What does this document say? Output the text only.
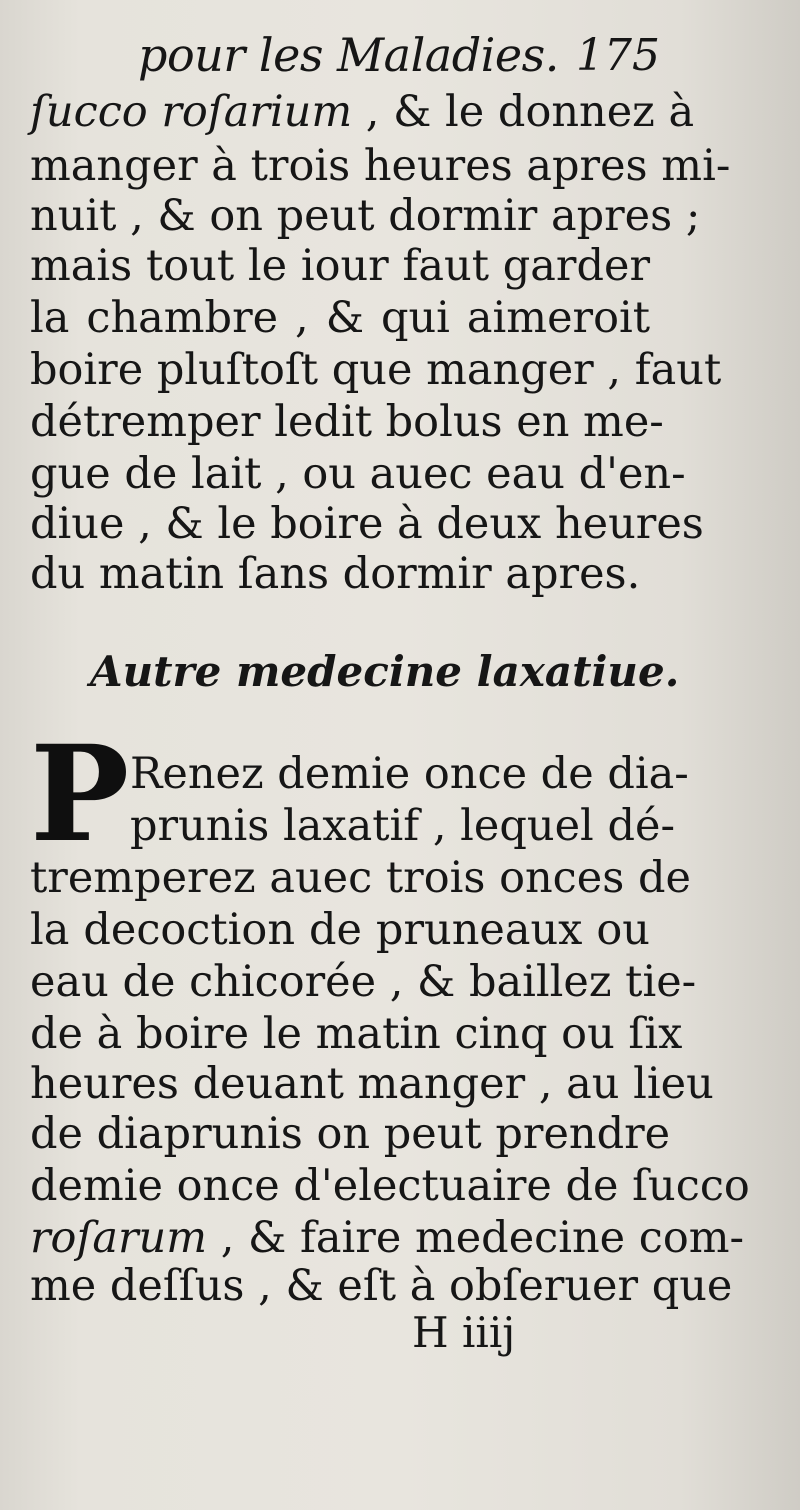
pour les Maladies. 175
ſucco roſarium , & le donnez à
manger à trois heures apres mi-
nuit , & on peut dormir apres ;
mais tout le iour faut garder
la chambre , & qui aimeroit
boire pluſtoſt que manger , faut
détremper ledit bolus en me-
gue de lait , ou auec eau d'en-
diue , & le boire à deux heures
du matin ſans dormir apres.
Autre medecine laxatiue.
P Renez demie once de dia-
prunis laxatif , lequel dé-
tremperez auec trois onces de
la decoction de pruneaux ou
eau de chicorée , & baillez tie-
de à boire le matin cinq ou ſix
heures deuant manger , au lieu
de diaprunis on peut prendre
demie once d'electuaire de ſucco
roſarum , & faire medecine com-
me deſſus , & eſt à obſeruer que
H iiij
